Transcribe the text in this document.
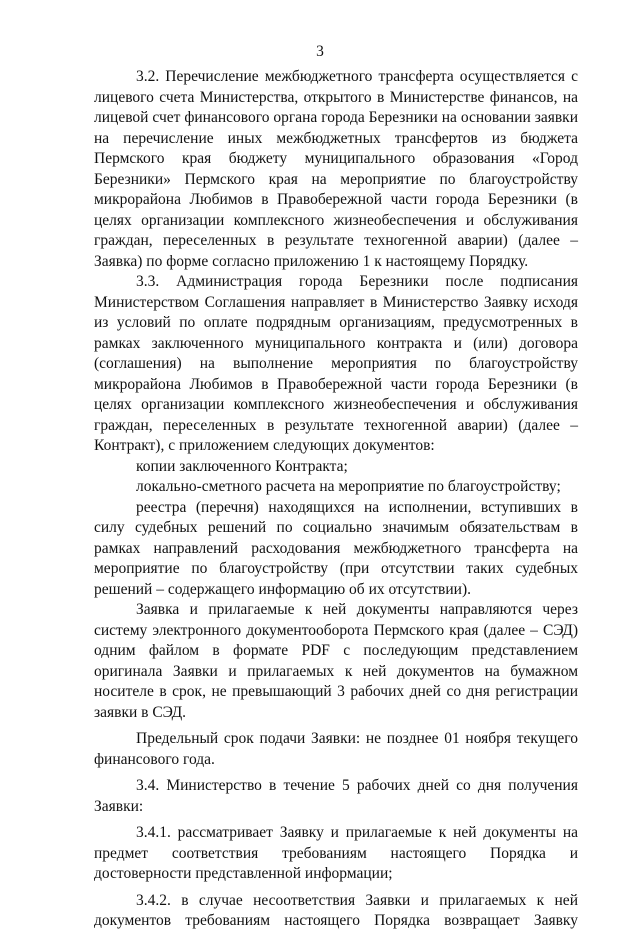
3

3.2. Перечисление межбюджетного трансферта осуществляется с лицевого счета Министерства, открытого в Министерстве финансов, на лицевой счет финансового органа города Березники на основании заявки на перечисление иных межбюджетных трансфертов из бюджета Пермского края бюджету муниципального образования «Город Березники» Пермского края на мероприятие по благоустройству микрорайона Любимов в Правобережной части города Березники (в целях организации комплексного жизнеобеспечения и обслуживания граждан, переселенных в результате техногенной аварии) (далее – Заявка) по форме согласно приложению 1 к настоящему Порядку.

3.3. Администрация города Березники после подписания Министерством Соглашения направляет в Министерство Заявку исходя из условий по оплате подрядным организациям, предусмотренных в рамках заключенного муниципального контракта и (или) договора (соглашения) на выполнение мероприятия по благоустройству микрорайона Любимов в Правобережной части города Березники (в целях организации комплексного жизнеобеспечения и обслуживания граждан, переселенных в результате техногенной аварии) (далее – Контракт), с приложением следующих документов:

копии заключенного Контракта;

локально-сметного расчета на мероприятие по благоустройству;

реестра (перечня) находящихся на исполнении, вступивших в силу судебных решений по социально значимым обязательствам в рамках направлений расходования межбюджетного трансферта на мероприятие по благоустройству (при отсутствии таких судебных решений – содержащего информацию об их отсутствии).

Заявка и прилагаемые к ней документы направляются через систему электронного документооборота Пермского края (далее – СЭД) одним файлом в формате PDF с последующим представлением оригинала Заявки и прилагаемых к ней документов на бумажном носителе в срок, не превышающий 3 рабочих дней со дня регистрации заявки в СЭД.

Предельный срок подачи Заявки: не позднее 01 ноября текущего финансового года.

3.4. Министерство в течение 5 рабочих дней со дня получения Заявки:

3.4.1. рассматривает Заявку и прилагаемые к ней документы на предмет соответствия требованиям настоящего Порядка и достоверности представленной информации;

3.4.2. в случае несоответствия Заявки и прилагаемых к ней документов требованиям настоящего Порядка возвращает Заявку
